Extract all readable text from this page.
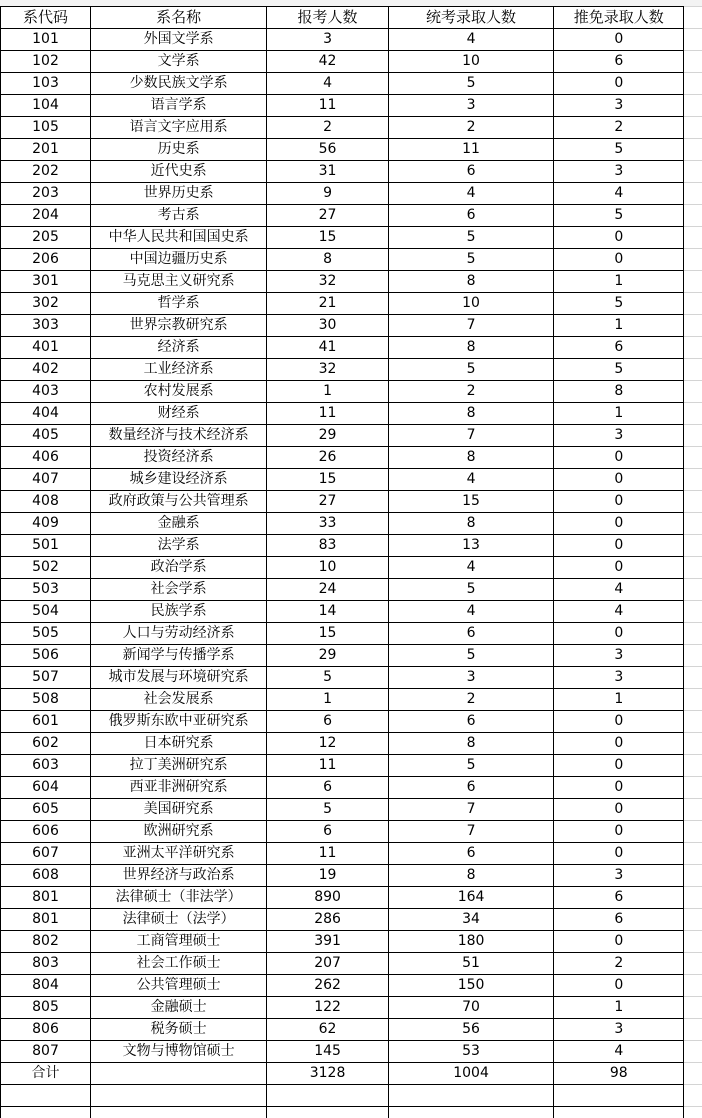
系代码	系名称	报考人数	统考录取人数	推免录取人数	
101	外国文学系	3	4	0	
102	文学系	42	10	6	
103	少数民族文学系	4	5	0	
104	语言学系	11	3	3	
105	语言文字应用系	2	2	2	
201	历史系	56	11	5	
202	近代史系	31	6	3	
203	世界历史系	9	4	4	
204	考古系	27	6	5	
205	中华人民共和国国史系	15	5	0	
206	中国边疆历史系	8	5	0	
301	马克思主义研究系	32	8	1	
302	哲学系	21	10	5	
303	世界宗教研究系	30	7	1	
401	经济系	41	8	6	
402	工业经济系	32	5	5	
403	农村发展系	1	2	8	
404	财经系	11	8	1	
405	数量经济与技术经济系	29	7	3	
406	投资经济系	26	8	0	
407	城乡建设经济系	15	4	0	
408	政府政策与公共管理系	27	15	0	
409	金融系	33	8	0	
501	法学系	83	13	0	
502	政治学系	10	4	0	
503	社会学系	24	5	4	
504	民族学系	14	4	4	
505	人口与劳动经济系	15	6	0	
506	新闻学与传播学系	29	5	3	
507	城市发展与环境研究系	5	3	3	
508	社会发展系	1	2	1	
601	俄罗斯东欧中亚研究系	6	6	0	
602	日本研究系	12	8	0	
603	拉丁美洲研究系	11	5	0	
604	西亚非洲研究系	6	6	0	
605	美国研究系	5	7	0	
606	欧洲研究系	6	7	0	
607	亚洲太平洋研究系	11	6	0	
608	世界经济与政治系	19	8	3	
801	法律硕士（非法学）	890	164	6	
801	法律硕士（法学）	286	34	6	
802	工商管理硕士	391	180	0	
803	社会工作硕士	207	51	2	
804	公共管理硕士	262	150	0	
805	金融硕士	122	70	1	
806	税务硕士	62	56	3	
807	文物与博物馆硕士	145	53	4	
合计		3128	1004	98	
